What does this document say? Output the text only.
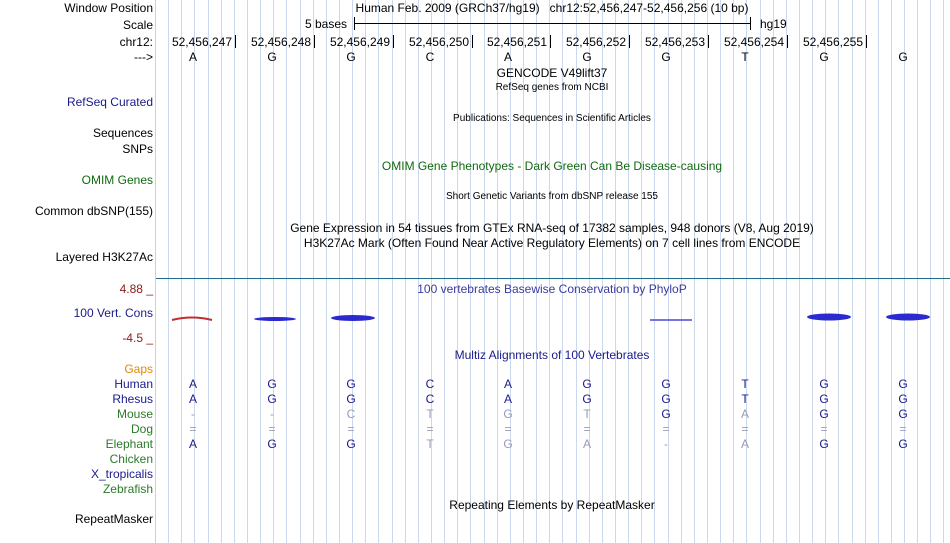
Window Position	Human Feb. 2009 (GRCh37/hg19) chr12:52,456,247-52,456,256 (10 bp)
Scale	5 bases	hg19
chr12: 52,456,247 52,456,248 52,456,249 52,456,250 52,456,251 52,456,252 52,456,253 52,456,254 52,456,255
--->	A	G	G	C	A	G	G	T	G	G
GENCODE V49lift37
RefSeq genes from NCBI
RefSeq Curated
Publications: Sequences in Scientific Articles
Sequences
SNPs
OMIM Gene Phenotypes - Dark Green Can Be Disease-causing
OMIM Genes
Short Genetic Variants from dbSNP release 155
Common dbSNP(155)
Gene Expression in 54 tissues from GTEx RNA-seq of 17382 samples, 948 donors (V8, Aug 2019)
H3K27Ac Mark (Often Found Near Active Regulatory Elements) on 7 cell lines from ENCODE
Layered H3K27Ac
4.88 _	100 vertebrates Basewise Conservation by PhyloP
100 Vert. Cons
-4.5 _
Multiz Alignments of 100 Vertebrates
Gaps
Human	A	G	G	C	A	G	G	T	G	G
Rhesus	A	G	G	C	A	G	G	T	G	G
Mouse	-	-	C	T	G	T	G	A	G	G
Dog	=	=	=	=	=	=	=	=	=	=
Elephant	A	G	G	T	G	A	-	A	G	G
Chicken
X_tropicalis
Zebrafish
Repeating Elements by RepeatMasker
RepeatMasker
